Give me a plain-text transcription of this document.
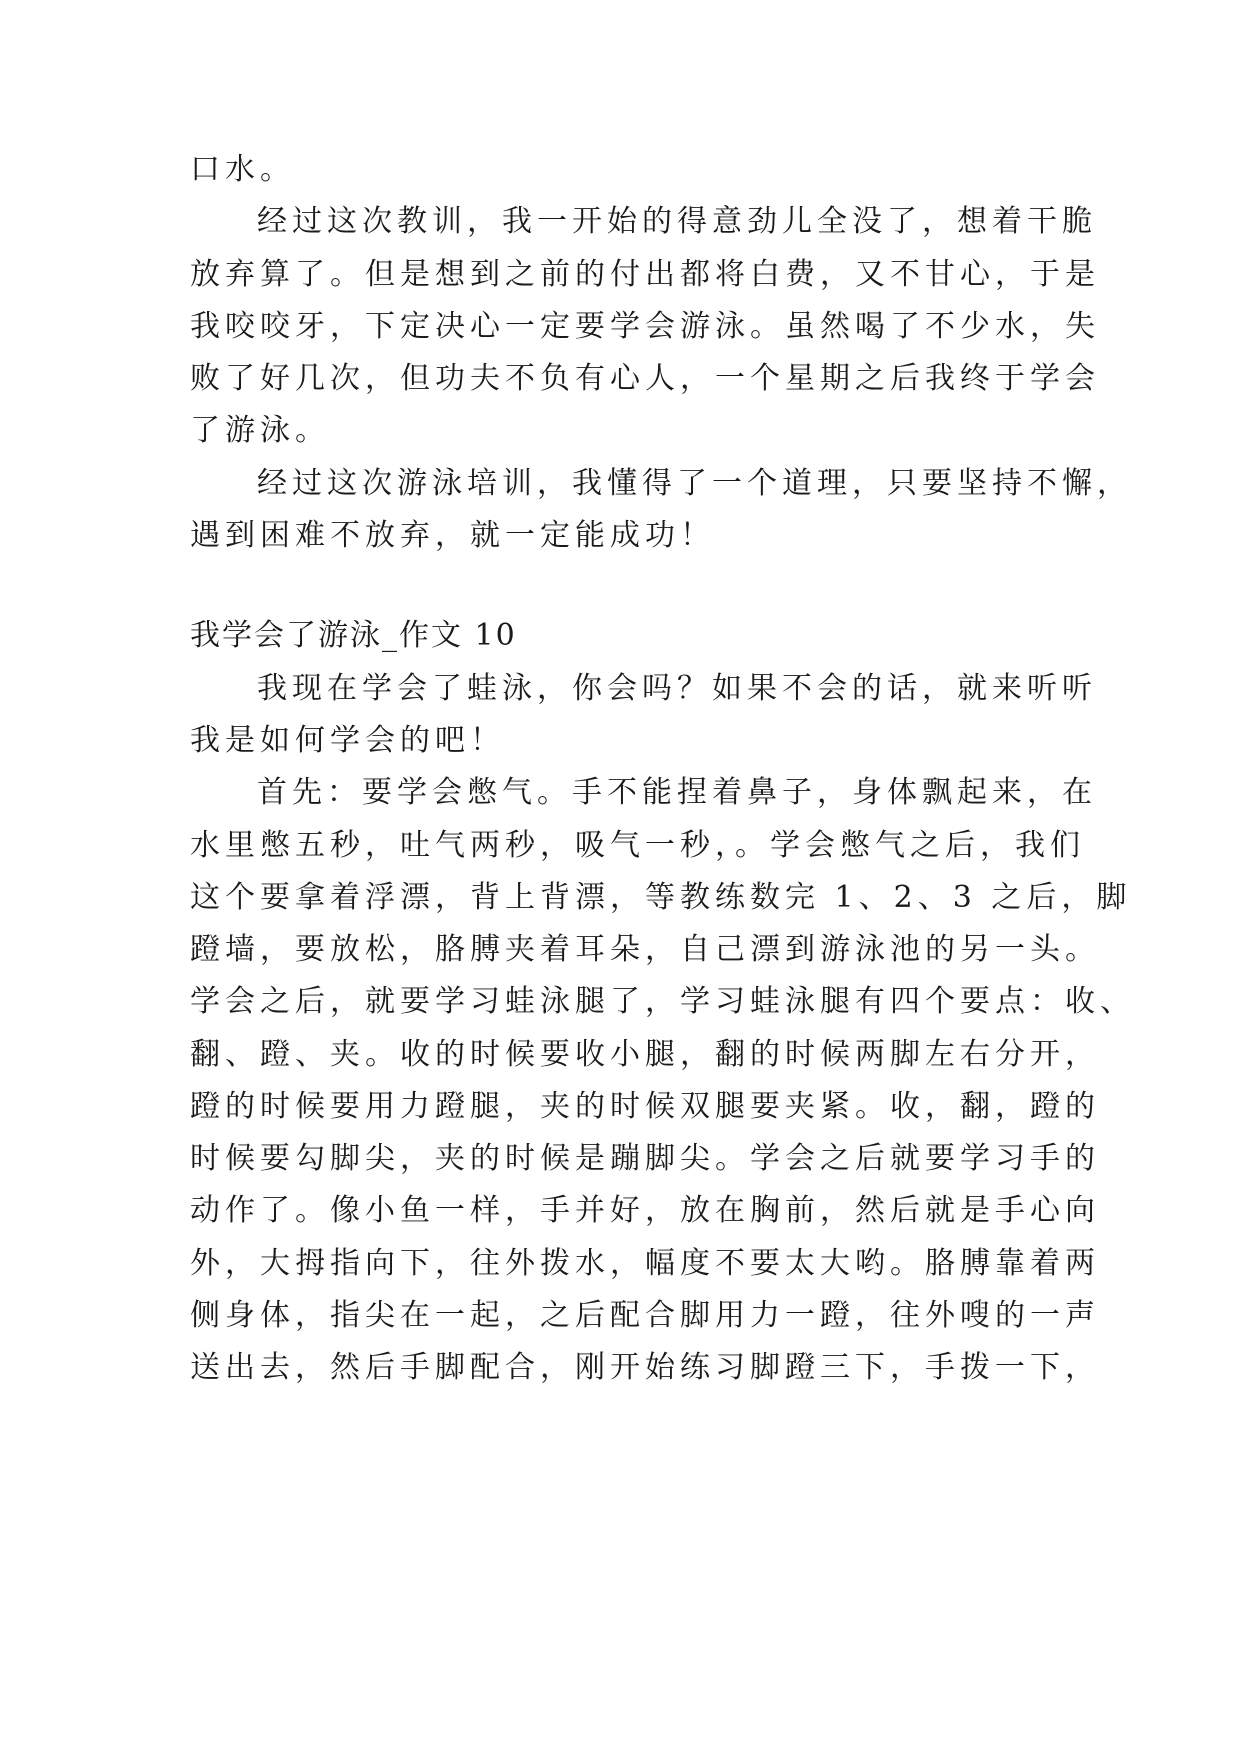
口水。
经过这次教训，我一开始的得意劲儿全没了，想着干脆
放弃算了。但是想到之前的付出都将白费，又不甘心，于是
我咬咬牙，下定决心一定要学会游泳。虽然喝了不少水，失
败了好几次，但功夫不负有心人，一个星期之后我终于学会
了游泳。
经过这次游泳培训，我懂得了一个道理，只要坚持不懈，
遇到困难不放弃，就一定能成功！
我学会了游泳_作文 10
我现在学会了蛙泳，你会吗？如果不会的话，就来听听
我是如何学会的吧！
首先：要学会憋气。手不能捏着鼻子，身体飘起来，在
水里憋五秒，吐气两秒，吸气一秒，。学会憋气之后，我们
这个要拿着浮漂，背上背漂，等教练数完 1、2、3 之后，脚
蹬墙，要放松，胳膊夹着耳朵，自己漂到游泳池的另一头。
学会之后，就要学习蛙泳腿了，学习蛙泳腿有四个要点：收、
翻、蹬、夹。收的时候要收小腿，翻的时候两脚左右分开，
蹬的时候要用力蹬腿，夹的时候双腿要夹紧。收，翻，蹬的
时候要勾脚尖，夹的时候是蹦脚尖。学会之后就要学习手的
动作了。像小鱼一样，手并好，放在胸前，然后就是手心向
外，大拇指向下，往外拨水，幅度不要太大哟。胳膊靠着两
侧身体，指尖在一起，之后配合脚用力一蹬，往外嗖的一声
送出去，然后手脚配合，刚开始练习脚蹬三下，手拨一下，
